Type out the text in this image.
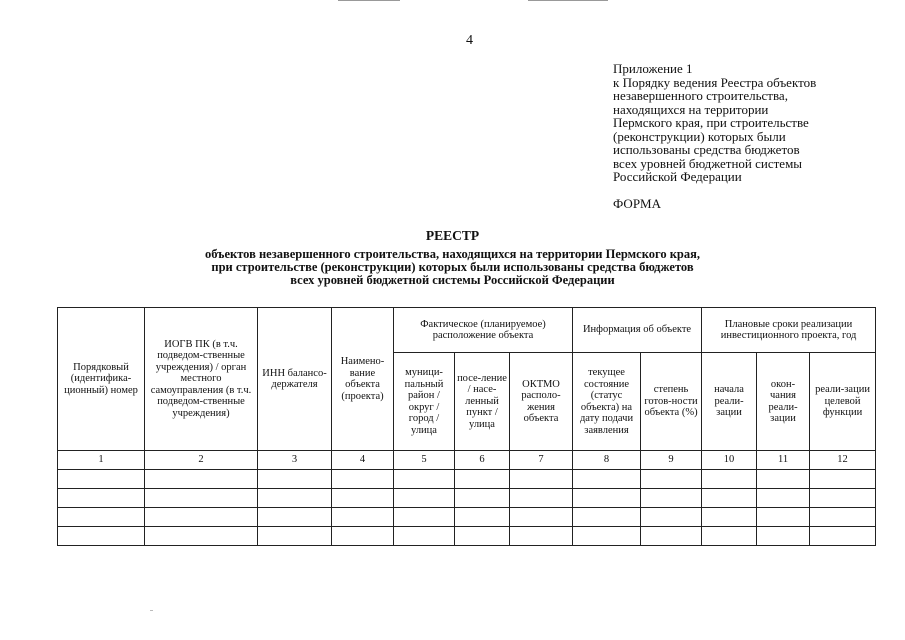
4
Приложение 1
к Порядку ведения Реестра объектов
незавершенного строительства,
находящихся на территории
Пермского края, при строительстве
(реконструкции) которых были
использованы средства бюджетов
всех уровней бюджетной системы
Российской Федерации
ФОРМА
РЕЕСТР
объектов незавершенного строительства, находящихся на территории Пермского края,
при строительстве (реконструкции) которых были использованы средства бюджетов
всех уровней бюджетной системы Российской Федерации
Порядковый (идентифика-ционный) номер	ИОГВ ПК (в т.ч. подведом-ственные учреждения) / орган местного самоуправления (в т.ч. подведом-ственные учреждения)	ИНН балансо-держателя	Наимено-вание объекта (проекта)	Фактическое (планируемое) расположение объекта			Информация об объекте		Плановые сроки реализации инвестиционного проекта, год		
				муници-пальный район / округ / город / улица	посе-ление / насе-ленный пункт / улица	ОКТМО располо-жения объекта	текущее состояние (статус объекта) на дату подачи заявления	степень готов-ности объекта (%)	начала реали-зации	окон-чания реали-зации	реали-зации целевой функции
1	2	3	4	5	6	7	8	9	10	11	12
